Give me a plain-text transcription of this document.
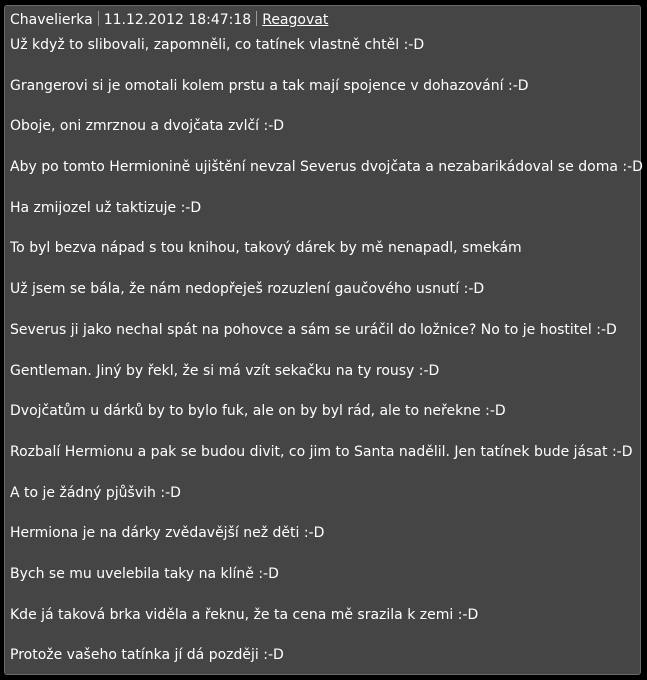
Chavelierka 11.12.2012 18:47:18 Reagovat

Už když to slibovali, zapomněli, co tatínek vlastně chtěl :-D

Grangerovi si je omotali kolem prstu a tak mají spojence v dohazování :-D

Oboje, oni zmrznou a dvojčata zvlčí :-D

Aby po tomto Hermionině ujištění nevzal Severus dvojčata a nezabarikádoval se doma :-D

Ha zmijozel už taktizuje :-D

To byl bezva nápad s tou knihou, takový dárek by mě nenapadl, smekám

Už jsem se bála, že nám nedopřeješ rozuzlení gaučového usnutí :-D

Severus ji jako nechal spát na pohovce a sám se uráčil do ložnice? No to je hostitel :-D

Gentleman. Jiný by řekl, že si má vzít sekačku na ty rousy :-D

Dvojčatům u dárků by to bylo fuk, ale on by byl rád, ale to neřekne :-D

Rozbalí Hermionu a pak se budou divit, co jim to Santa nadělil. Jen tatínek bude jásat :-D

A to je žádný pjůšvih :-D

Hermiona je na dárky zvědavější než děti :-D

Bych se mu uvelebila taky na klíně :-D

Kde já taková brka viděla a řeknu, že ta cena mě srazila k zemi :-D

Protože vašeho tatínka jí dá později :-D
